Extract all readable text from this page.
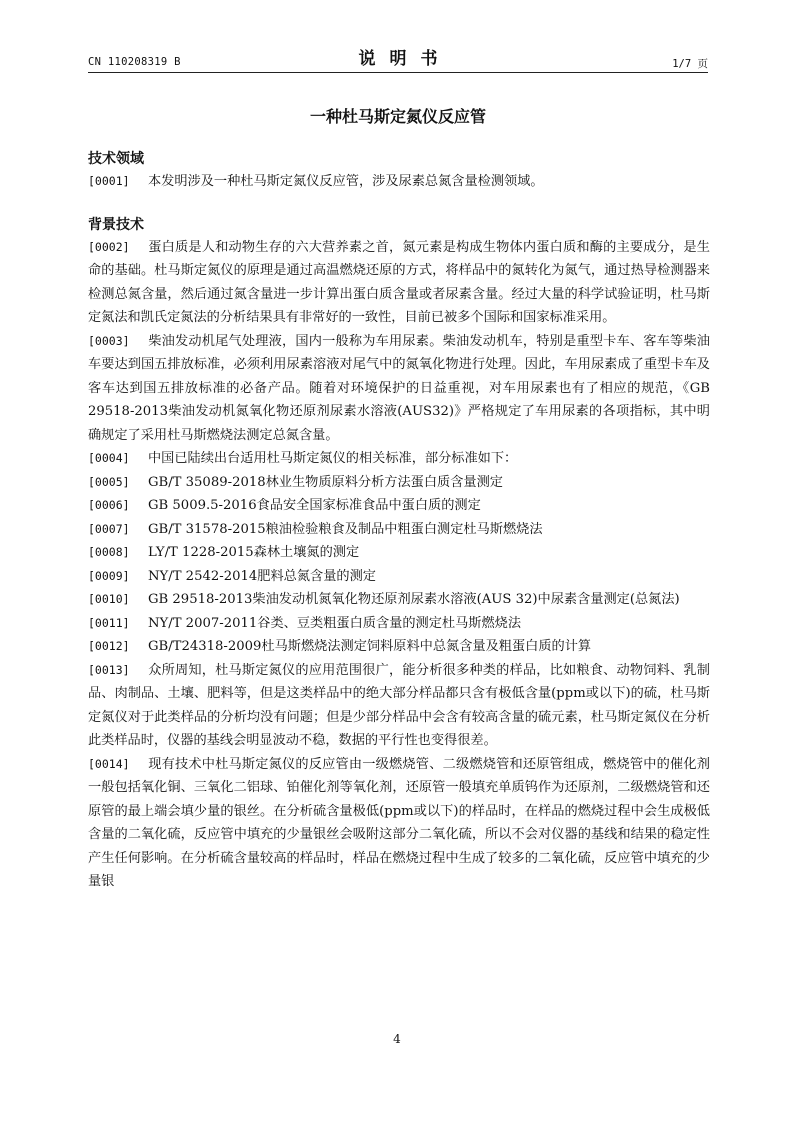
CN 110208319 B	说明书	1/7 页
一种杜马斯定氮仪反应管
技术领域

[0001] 本发明涉及一种杜马斯定氮仪反应管，涉及尿素总氮含量检测领域。

背景技术

[0002] 蛋白质是人和动物生存的六大营养素之首，氮元素是构成生物体内蛋白质和酶的主要成分，是生命的基础。杜马斯定氮仪的原理是通过高温燃烧还原的方式，将样品中的氮转化为氮气，通过热导检测器来检测总氮含量，然后通过氮含量进一步计算出蛋白质含量或者尿素含量。经过大量的科学试验证明，杜马斯定氮法和凯氏定氮法的分析结果具有非常好的一致性，目前已被多个国际和国家标准采用。

[0003] 柴油发动机尾气处理液，国内一般称为车用尿素。柴油发动机车，特别是重型卡车、客车等柴油车要达到国五排放标准，必须利用尿素溶液对尾气中的氮氧化物进行处理。因此，车用尿素成了重型卡车及客车达到国五排放标准的必备产品。随着对环境保护的日益重视，对车用尿素也有了相应的规范，《GB 29518-2013柴油发动机氮氧化物还原剂尿素水溶液(AUS32)》严格规定了车用尿素的各项指标，其中明确规定了采用杜马斯燃烧法测定总氮含量。

[0004] 中国已陆续出台适用杜马斯定氮仪的相关标准，部分标准如下：

[0005] GB/T 35089-2018林业生物质原料分析方法蛋白质含量测定

[0006] GB 5009.5-2016食品安全国家标准食品中蛋白质的测定

[0007] GB/T 31578-2015粮油检验粮食及制品中粗蛋白测定杜马斯燃烧法

[0008] LY/T 1228-2015森林土壤氮的测定

[0009] NY/T 2542-2014肥料总氮含量的测定

[0010] GB 29518-2013柴油发动机氮氧化物还原剂尿素水溶液(AUS 32)中尿素含量测定(总氮法)

[0011] NY/T 2007-2011谷类、豆类粗蛋白质含量的测定杜马斯燃烧法

[0012] GB/T24318-2009杜马斯燃烧法测定饲料原料中总氮含量及粗蛋白质的计算

[0013] 众所周知，杜马斯定氮仪的应用范围很广，能分析很多种类的样品，比如粮食、动物饲料、乳制品、肉制品、土壤、肥料等，但是这类样品中的绝大部分样品都只含有极低含量(ppm或以下)的硫，杜马斯定氮仪对于此类样品的分析均没有问题；但是少部分样品中会含有较高含量的硫元素，杜马斯定氮仪在分析此类样品时，仪器的基线会明显波动不稳，数据的平行性也变得很差。

[0014] 现有技术中杜马斯定氮仪的反应管由一级燃烧管、二级燃烧管和还原管组成，燃烧管中的催化剂一般包括氧化铜、三氧化二铝球、铂催化剂等氧化剂，还原管一般填充单质钨作为还原剂，二级燃烧管和还原管的最上端会填少量的银丝。在分析硫含量极低(ppm或以下)的样品时，在样品的燃烧过程中会生成极低含量的二氧化硫，反应管中填充的少量银丝会吸附这部分二氧化硫，所以不会对仪器的基线和结果的稳定性产生任何影响。在分析硫含量较高的样品时，样品在燃烧过程中生成了较多的二氧化硫，反应管中填充的少量银

4
